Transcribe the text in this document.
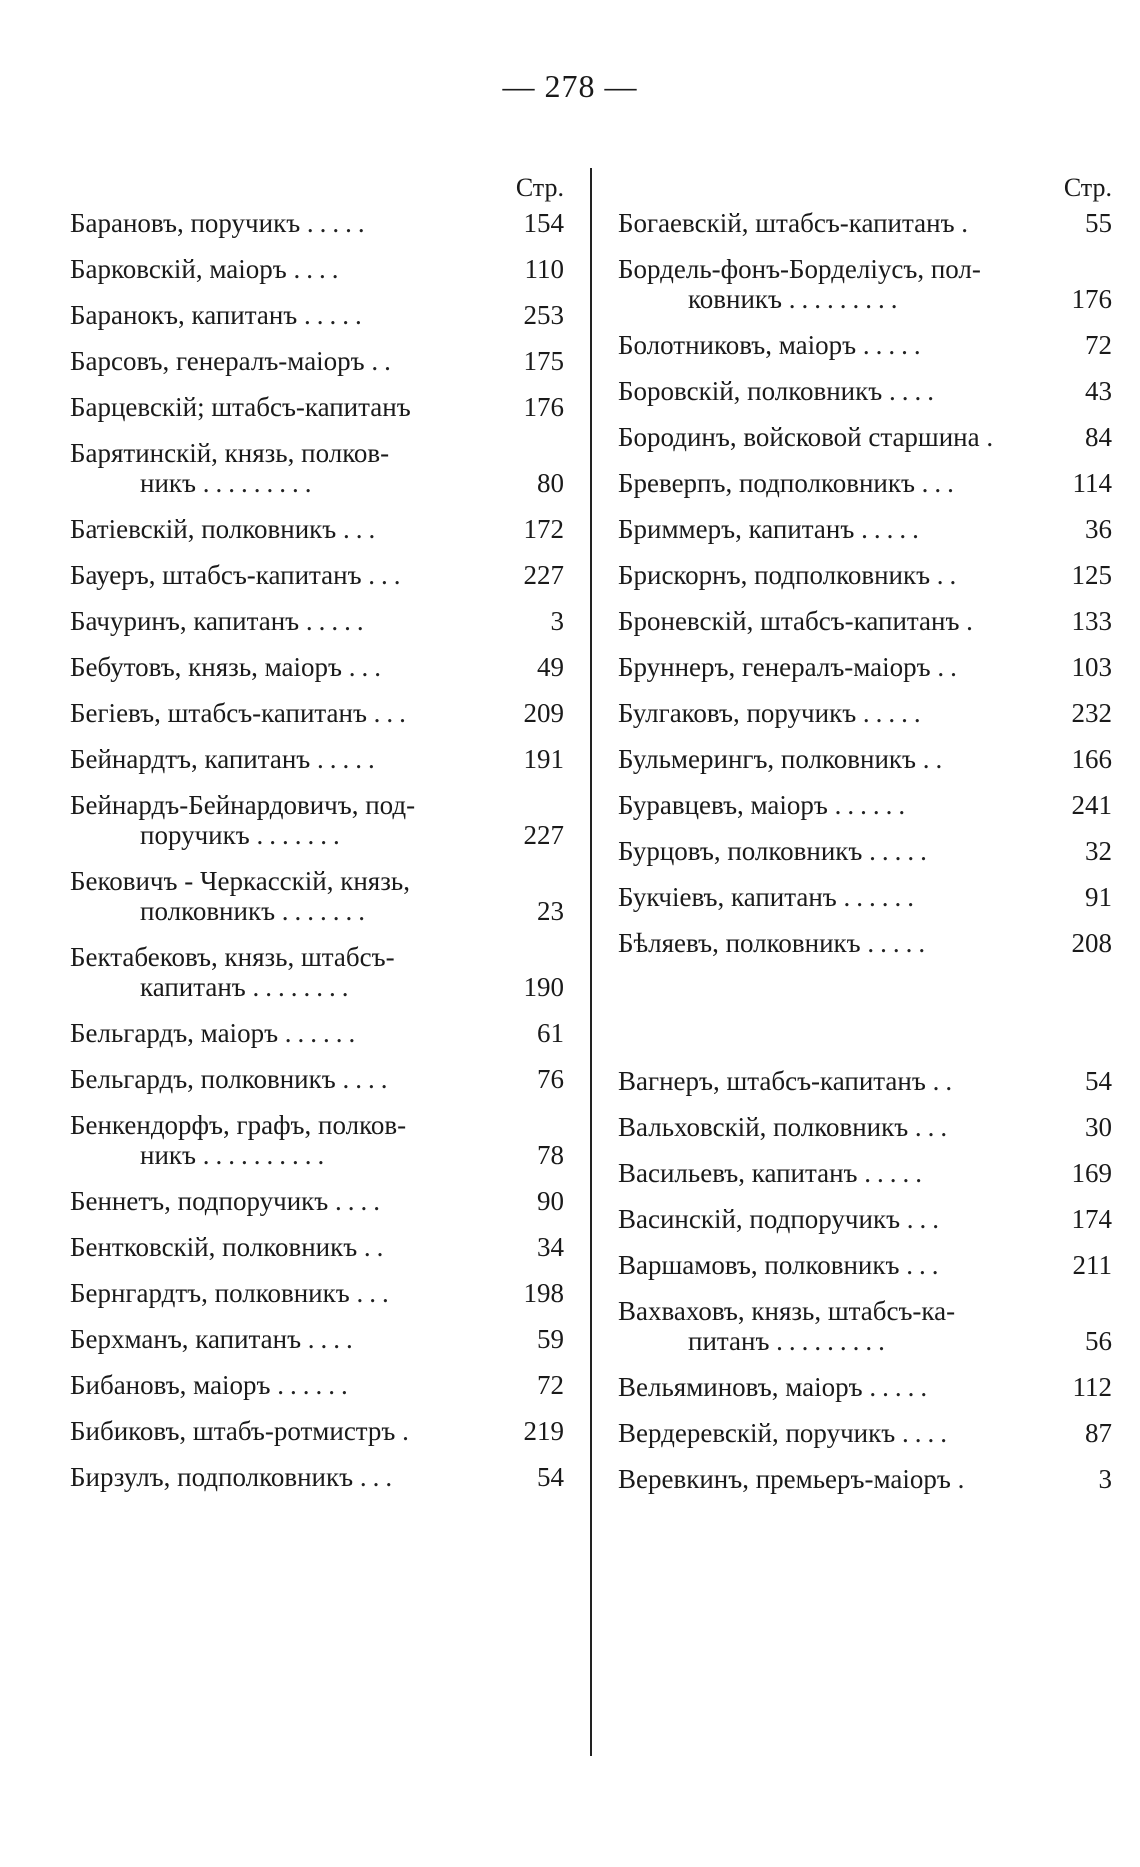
— 278 —
Стр.
Барановъ, поручикъ .....	154
Барковскій, маіоръ ....	110
Баранокъ, капитанъ .....	253
Барсовъ, генералъ-маіоръ ..	175
Барцевскій; штабсъ-капитанъ	176
Барятинскій, князь, полков-
никъ .........	80
Батіевскій, полковникъ ...	172
Бауеръ, штабсъ-капитанъ ...	227
Бачуринъ, капитанъ .....	3
Бебутовъ, князь, маіоръ ...	49
Бегіевъ, штабсъ-капитанъ ...	209
Бейнардтъ, капитанъ .....	191
Бейнардъ-Бейнардовичъ, под-
поручикъ .......	227
Бековичъ - Черкасскій, князь,
полковникъ .......	23
Бектабековъ, князь, штабсъ-
капитанъ ........	190
Бельгардъ, маіоръ ......	61
Бельгардъ, полковникъ ....	76
Бенкендорфъ, графъ, полков-
никъ ..........	78
Беннетъ, подпоручикъ ....	90
Бентковскій, полковникъ ..	34
Бернгардтъ, полковникъ ...	198
Берхманъ, капитанъ ....	59
Бибановъ, маіоръ ......	72
Бибиковъ, штабъ-ротмистръ .	219
Бирзулъ, подполковникъ ...	54
Стр.
Богаевскій, штабсъ-капитанъ .	55
Бордель-фонъ-Борделіусъ, пол-
ковникъ .........	176
Болотниковъ, маіоръ .....	72
Боровскій, полковникъ ....	43
Бородинъ, войсковой старшина .	84
Бреверпъ, подполковникъ ...	114
Бриммеръ, капитанъ .....	36
Брискорнъ, подполковникъ ..	125
Броневскій, штабсъ-капитанъ .	133
Бруннеръ, генералъ-маіоръ ..	103
Булгаковъ, поручикъ .....	232
Бульмерингъ, полковникъ ..	166
Буравцевъ, маіоръ ......	241
Бурцовъ, полковникъ .....	32
Букчіевъ, капитанъ ......	91
Бѣляевъ, полковникъ .....	208
Вагнеръ, штабсъ-капитанъ ..	54
Вальховскій, полковникъ ...	30
Васильевъ, капитанъ .....	169
Васинскій, подпоручикъ ...	174
Варшамовъ, полковникъ ...	211
Вахваховъ, князь, штабсъ-ка-
питанъ .........	56
Вельяминовъ, маіоръ .....	112
Вердеревскій, поручикъ ....	87
Веревкинъ, премьеръ-маіоръ .	3
